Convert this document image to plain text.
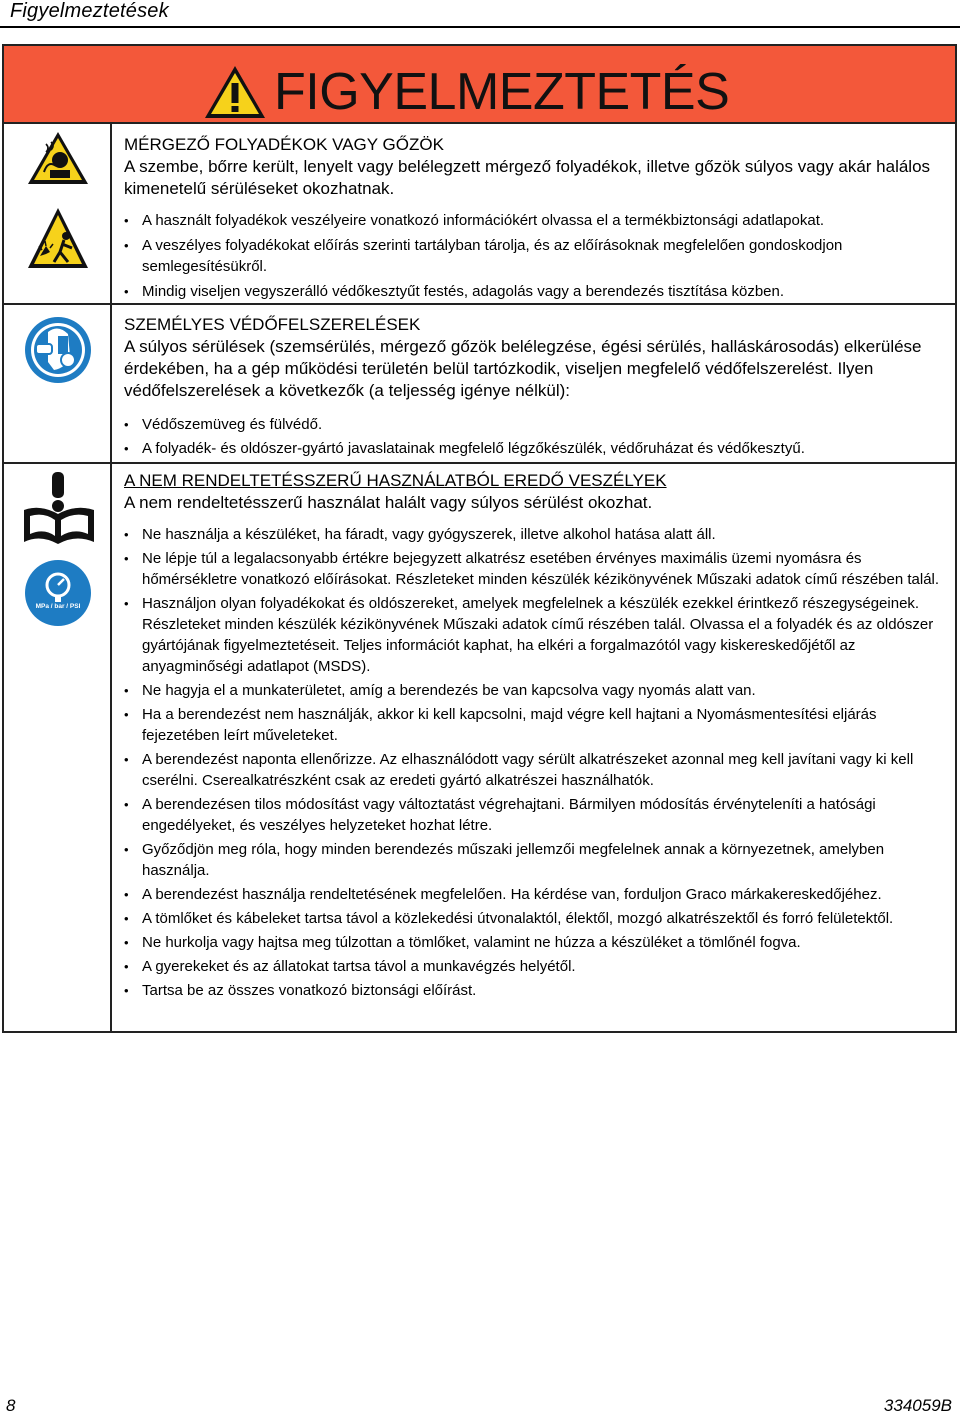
Figyelmeztetések
FIGYELMEZTETÉS
MPa / bar / PSI
MÉRGEZŐ FOLYADÉKOK VAGY GŐZÖK
A szembe, bőrre került, lenyelt vagy belélegzett mérgező folyadékok, illetve gőzök súlyos vagy akár halálos kimenetelű sérüléseket okozhatnak.
• A használt folyadékok veszélyeire vonatkozó információkért olvassa el a termékbiztonsági adatlapokat.
• A veszélyes folyadékokat előírás szerinti tartályban tárolja, és az előírásoknak megfelelően gondoskodjon semlegesítésükről.
• Mindig viseljen vegyszerálló védőkesztyűt festés, adagolás vagy a berendezés tisztítása közben.
SZEMÉLYES VÉDŐFELSZERELÉSEK
A súlyos sérülések (szemsérülés, mérgező gőzök belélegzése, égési sérülés, halláskárosodás) elkerülése érdekében, ha a gép működési területén belül tartózkodik, viseljen megfelelő védőfelszerelést. Ilyen védőfelszerelések a következők (a teljesség igénye nélkül):
• Védőszemüveg és fülvédő.
• A folyadék- és oldószer-gyártó javaslatainak megfelelő légzőkészülék, védőruházat és védőkesztyű.
A NEM RENDELTETÉSSZERŰ HASZNÁLATBÓL EREDŐ VESZÉLYEK
A nem rendeltetésszerű használat halált vagy súlyos sérülést okozhat.
• Ne használja a készüléket, ha fáradt, vagy gyógyszerek, illetve alkohol hatása alatt áll.
• Ne lépje túl a legalacsonyabb értékre bejegyzett alkatrész esetében érvényes maximális üzemi nyomásra és hőmérsékletre vonatkozó előírásokat. Részleteket minden készülék kézikönyvének Műszaki adatok című részében talál.
• Használjon olyan folyadékokat és oldószereket, amelyek megfelelnek a készülék ezekkel érintkező részegységeinek. Részleteket minden készülék kézikönyvének Műszaki adatok című részében talál. Olvassa el a folyadék és az oldószer gyártójának figyelmeztetéseit. Teljes információt kaphat, ha elkéri a forgalmazótól vagy kiskereskedőjétől az anyagminőségi adatlapot (MSDS).
• Ne hagyja el a munkaterületet, amíg a berendezés be van kapcsolva vagy nyomás alatt van.
• Ha a berendezést nem használják, akkor ki kell kapcsolni, majd végre kell hajtani a Nyomásmentesítési eljárás fejezetében leírt műveleteket.
• A berendezést naponta ellenőrizze. Az elhasználódott vagy sérült alkatrészeket azonnal meg kell javítani vagy ki kell cserélni. Cserealkatrészként csak az eredeti gyártó alkatrészei használhatók.
• A berendezésen tilos módosítást vagy változtatást végrehajtani. Bármilyen módosítás érvényteleníti a hatósági engedélyeket, és veszélyes helyzeteket hozhat létre.
• Győződjön meg róla, hogy minden berendezés műszaki jellemzői megfelelnek annak a környezetnek, amelyben használja.
• A berendezést használja rendeltetésének megfelelően. Ha kérdése van, forduljon Graco márkakereskedőjéhez.
• A tömlőket és kábeleket tartsa távol a közlekedési útvonalaktól, élektől, mozgó alkatrészektől és forró felületektől.
• Ne hurkolja vagy hajtsa meg túlzottan a tömlőket, valamint ne húzza a készüléket a tömlőnél fogva.
• A gyerekeket és az állatokat tartsa távol a munkavégzés helyétől.
• Tartsa be az összes vonatkozó biztonsági előírást.
8	334059B
